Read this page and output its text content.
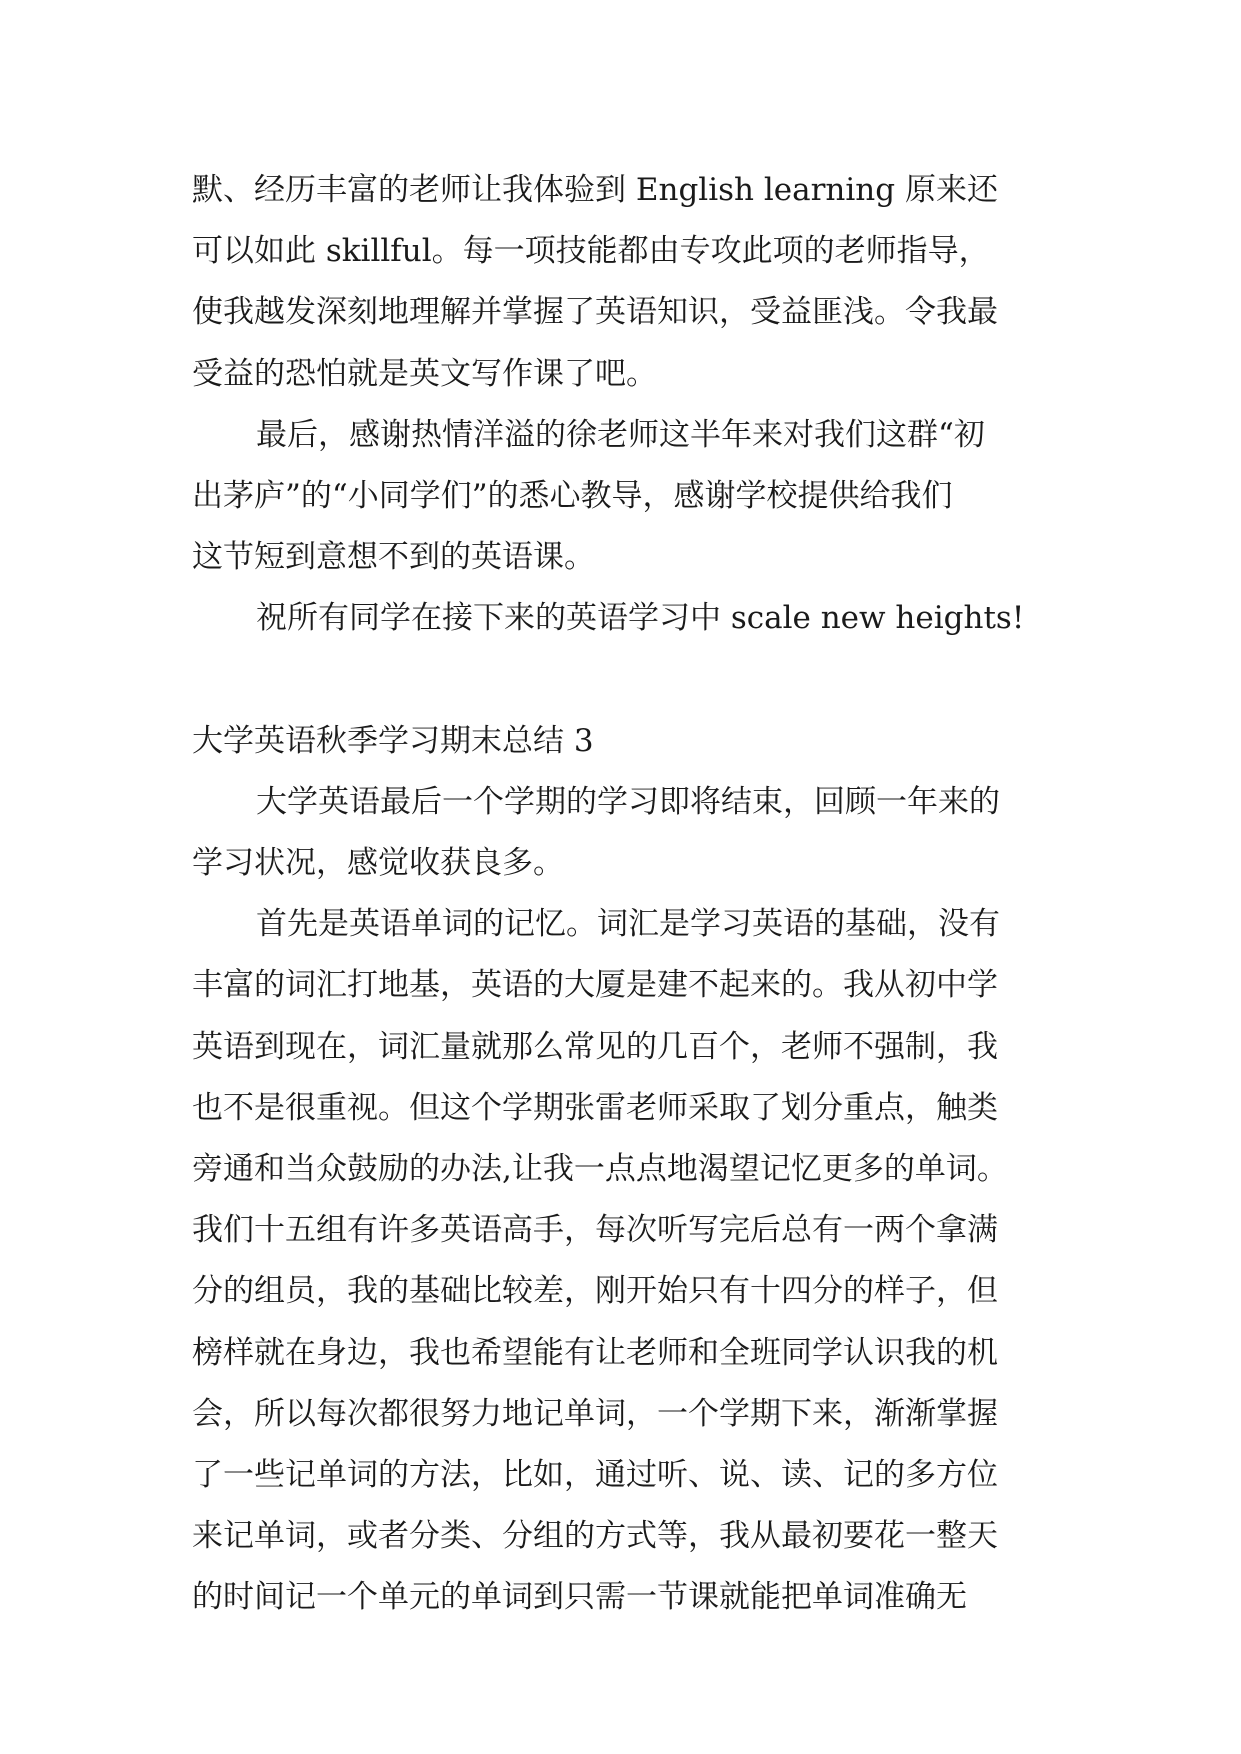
默、经历丰富的老师让我体验到 English learning 原来还
可以如此 skillful。每一项技能都由专攻此项的老师指导，
使我越发深刻地理解并掌握了英语知识，受益匪浅。令我最
受益的恐怕就是英文写作课了吧。
最后，感谢热情洋溢的徐老师这半年来对我们这群“初
出茅庐”的“小同学们”的悉心教导，感谢学校提供给我们
这节短到意想不到的英语课。
祝所有同学在接下来的英语学习中 scale new heights!
大学英语秋季学习期末总结 3
大学英语最后一个学期的学习即将结束，回顾一年来的
学习状况，感觉收获良多。
首先是英语单词的记忆。词汇是学习英语的基础，没有
丰富的词汇打地基，英语的大厦是建不起来的。我从初中学
英语到现在，词汇量就那么常见的几百个，老师不强制，我
也不是很重视。但这个学期张雷老师采取了划分重点，触类
旁通和当众鼓励的办法,让我一点点地渴望记忆更多的单词。
我们十五组有许多英语高手，每次听写完后总有一两个拿满
分的组员，我的基础比较差，刚开始只有十四分的样子，但
榜样就在身边，我也希望能有让老师和全班同学认识我的机
会，所以每次都很努力地记单词，一个学期下来，渐渐掌握
了一些记单词的方法，比如，通过听、说、读、记的多方位
来记单词，或者分类、分组的方式等，我从最初要花一整天
的时间记一个单元的单词到只需一节课就能把单词准确无
